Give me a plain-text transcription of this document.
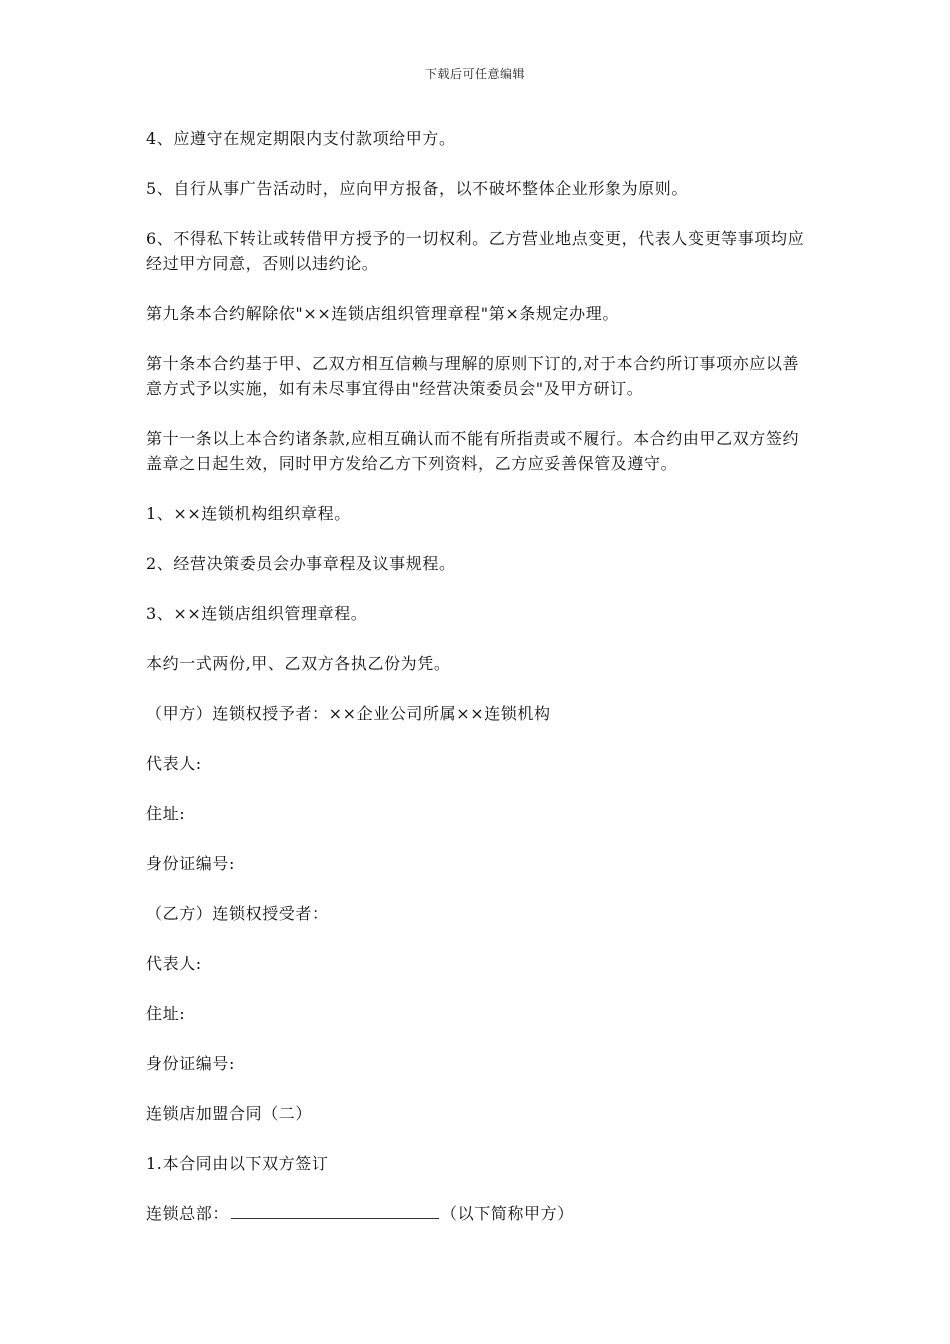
下载后可任意编辑

4、应遵守在规定期限内支付款项给甲方。

5、自行从事广告活动时，应向甲方报备，以不破坏整体企业形象为原则。

6、不得私下转让或转借甲方授予的一切权利。乙方营业地点变更，代表人变更等事项均应经过甲方同意，否则以违约论。

第九条本合约解除依"××连锁店组织管理章程"第×条规定办理。

第十条本合约基于甲、乙双方相互信赖与理解的原则下订的,对于本合约所订事项亦应以善意方式予以实施，如有未尽事宜得由"经营决策委员会"及甲方研订。

第十一条以上本合约诸条款,应相互确认而不能有所指责或不履行。本合约由甲乙双方签约盖章之日起生效，同时甲方发给乙方下列资料，乙方应妥善保管及遵守。

1、××连锁机构组织章程。

2、经营决策委员会办事章程及议事规程。

3、××连锁店组织管理章程。

本约一式两份,甲、乙双方各执乙份为凭。

（甲方）连锁权授予者：××企业公司所属××连锁机构

代表人:

住址:

身份证编号:

（乙方）连锁权授受者：

代表人:

住址:

身份证编号:

连锁店加盟合同（二）

1.本合同由以下双方签订

连锁总部：	（以下简称甲方）
